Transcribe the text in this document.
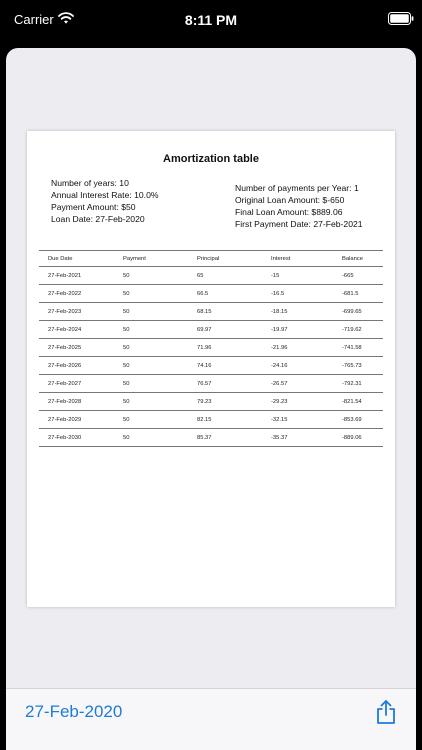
Carrier	8:11 PM
Amortization table
Number of years: 10
Annual Interest Rate: 10.0%
Payment Amount: $50
Loan Date: 27-Feb-2020
Number of payments per Year: 1
Original Loan Amount: $-650
Final Loan Amount: $889.06
First Payment Date: 27-Feb-2021
Due Date	Payment	Principal	Interest	Balance
27-Feb-2021	50	65	-15	-665
27-Feb-2022	50	66.5	-16.5	-681.5
27-Feb-2023	50	68.15	-18.15	-699.65
27-Feb-2024	50	69.97	-19.97	-719.62
27-Feb-2025	50	71.96	-21.96	-741.58
27-Feb-2026	50	74.16	-24.16	-765.73
27-Feb-2027	50	76.57	-26.57	-792.31
27-Feb-2028	50	79.23	-29.23	-821.54
27-Feb-2029	50	82.15	-32.15	-853.69
27-Feb-2030	50	85.37	-35.37	-889.06
27-Feb-2020
